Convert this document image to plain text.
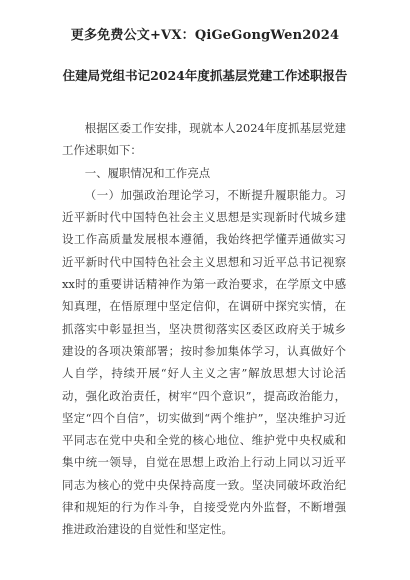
更多免费公文+VX：QiGeGongWen2024
住建局党组书记2024年度抓基层党建工作述职报告

根据区委工作安排，现就本人2024年度抓基层党建工作述职如下：

一、履职情况和工作亮点

（一）加强政治理论学习，不断提升履职能力。习近平新时代中国特色社会主义思想是实现新时代城乡建设工作高质量发展根本遵循，我始终把学懂弄通做实习近平新时代中国特色社会主义思想和习近平总书记视察xx时的重要讲话精神作为第一政治要求，在学原文中感知真理，在悟原理中坚定信仰，在调研中探究实情，在抓落实中彰显担当，坚决贯彻落实区委区政府关于城乡建设的各项决策部署；按时参加集体学习，认真做好个人自学，持续开展“好人主义之害”解放思想大讨论活动，强化政治责任，树牢“四个意识”，提高政治能力，坚定“四个自信”，切实做到“两个维护”，坚决维护习近平同志在党中央和全党的核心地位、维护党中央权威和集中统一领导，自觉在思想上政治上行动上同以习近平同志为核心的党中央保持高度一致。坚决同破坏政治纪律和规矩的行为作斗争，自接受党内外监督，不断增强推进政治建设的自觉性和坚定性。
